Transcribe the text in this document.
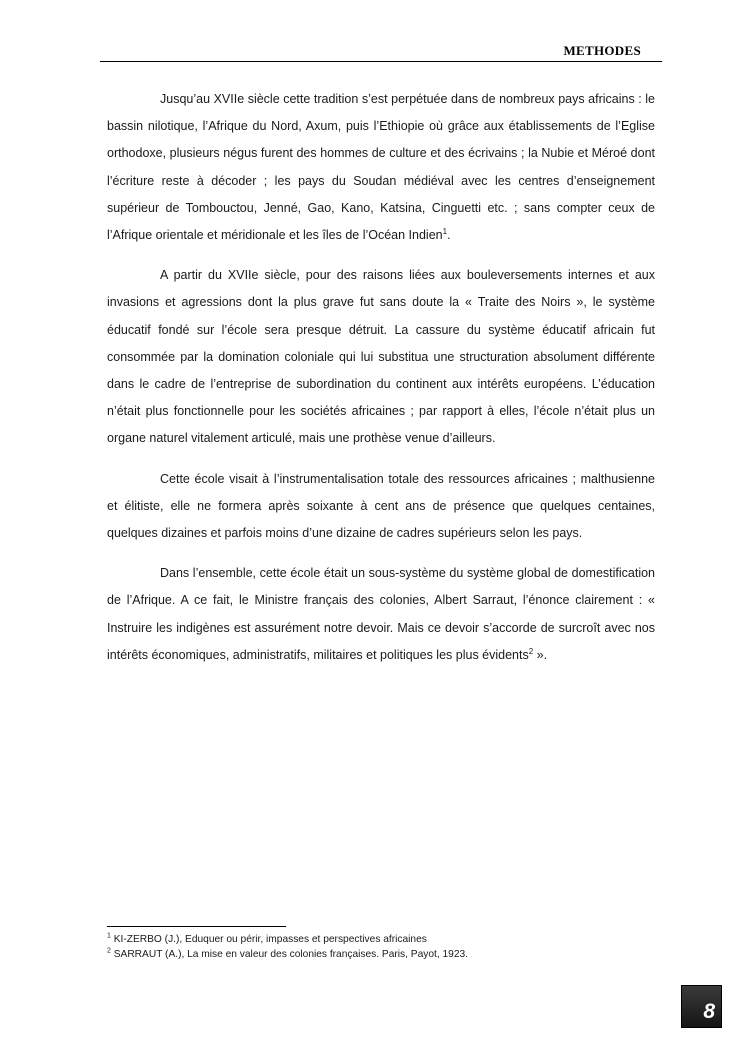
METHODES

Jusqu’au XVIIe siècle cette tradition s’est perpétuée dans de nombreux pays africains : le bassin nilotique, l’Afrique du Nord, Axum, puis l’Ethiopie où grâce aux établissements de l’Eglise orthodoxe, plusieurs négus furent des hommes de culture et des écrivains ; la Nubie et Méroé dont l’écriture reste à décoder ; les pays du Soudan médiéval avec les centres d’enseignement supérieur de Tombouctou, Jenné, Gao, Kano, Katsina, Cinguetti etc. ; sans compter ceux de l’Afrique orientale et méridionale et les îles de l’Océan Indien$^1$.

A partir du XVIIe siècle, pour des raisons liées aux bouleversements internes et aux invasions et agressions dont la plus grave fut sans doute la « Traite des Noirs », le système éducatif fondé sur l’école sera presque détruit. La cassure du système éducatif africain fut consommée par la domination coloniale qui lui substitua une structuration absolument différente dans le cadre de l’entreprise de subordination du continent aux intérêts européens. L’éducation n’était plus fonctionnelle pour les sociétés africaines ; par rapport à elles, l’école n’était plus un organe naturel vitalement articulé, mais une prothèse venue d’ailleurs.

Cette école visait à l’instrumentalisation totale des ressources africaines ; malthusienne et élitiste, elle ne formera après soixante à cent ans de présence que quelques centaines, quelques dizaines et parfois moins d’une dizaine de cadres supérieurs selon les pays.

Dans l’ensemble, cette école était un sous-système du système global de domestification de l’Afrique. A ce fait, le Ministre français des colonies, Albert Sarraut, l’énonce clairement : « Instruire les indigènes est assurément notre devoir. Mais ce devoir s’accorde de surcroît avec nos intérêts économiques, administratifs, militaires et politiques les plus évidents$^2$ ».

$^1$ KI-ZERBO (J.), Eduquer ou périr, impasses et perspectives africaines
$^2$ SARRAUT (A.), La mise en valeur des colonies françaises. Paris, Payot, 1923.
8
